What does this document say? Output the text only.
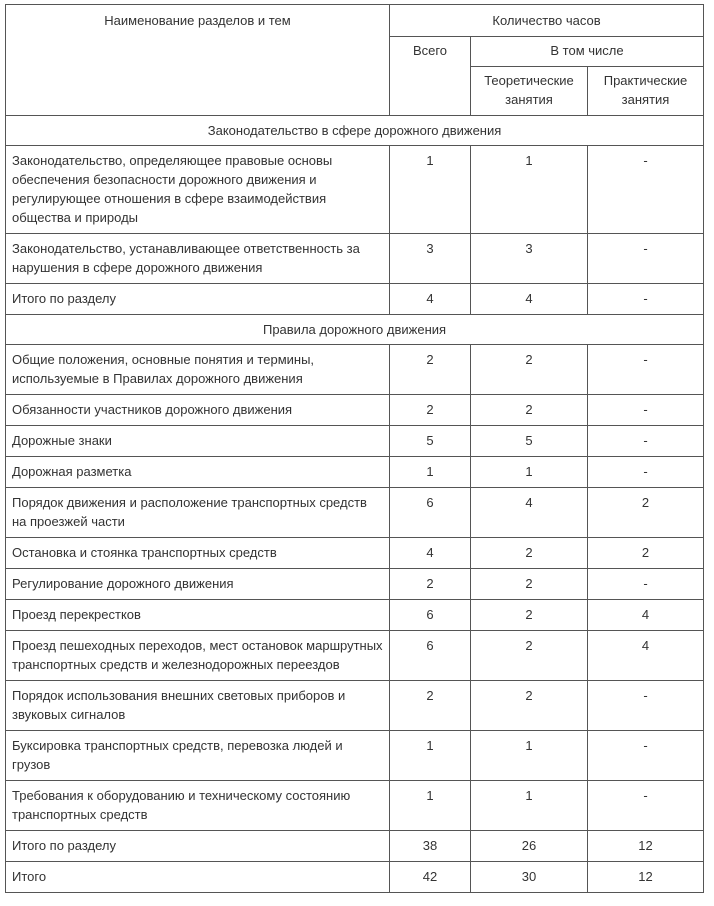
Наименование разделов и тем	Количество часов		
	Всего	В том числе	
		Теоретические занятия	Практические занятия
Законодательство в сфере дорожного движения			
Законодательство, определяющее правовые основы обеспечения безопасности дорожного движения и регулирующее отношения в сфере взаимодействия общества и природы	1	1	-
Законодательство, устанавливающее ответственность за нарушения в сфере дорожного движения	3	3	-
Итого по разделу	4	4	-
Правила дорожного движения			
Общие положения, основные понятия и термины, используемые в Правилах дорожного движения	2	2	-
Обязанности участников дорожного движения	2	2	-
Дорожные знаки	5	5	-
Дорожная разметка	1	1	-
Порядок движения и расположение транспортных средств на проезжей части	6	4	2
Остановка и стоянка транспортных средств	4	2	2
Регулирование дорожного движения	2	2	-
Проезд перекрестков	6	2	4
Проезд пешеходных переходов, мест остановок маршрутных транспортных средств и железнодорожных переездов	6	2	4
Порядок использования внешних световых приборов и звуковых сигналов	2	2	-
Буксировка транспортных средств, перевозка людей и грузов	1	1	-
Требования к оборудованию и техническому состоянию транспортных средств	1	1	-
Итого по разделу	38	26	12
Итого	42	30	12
